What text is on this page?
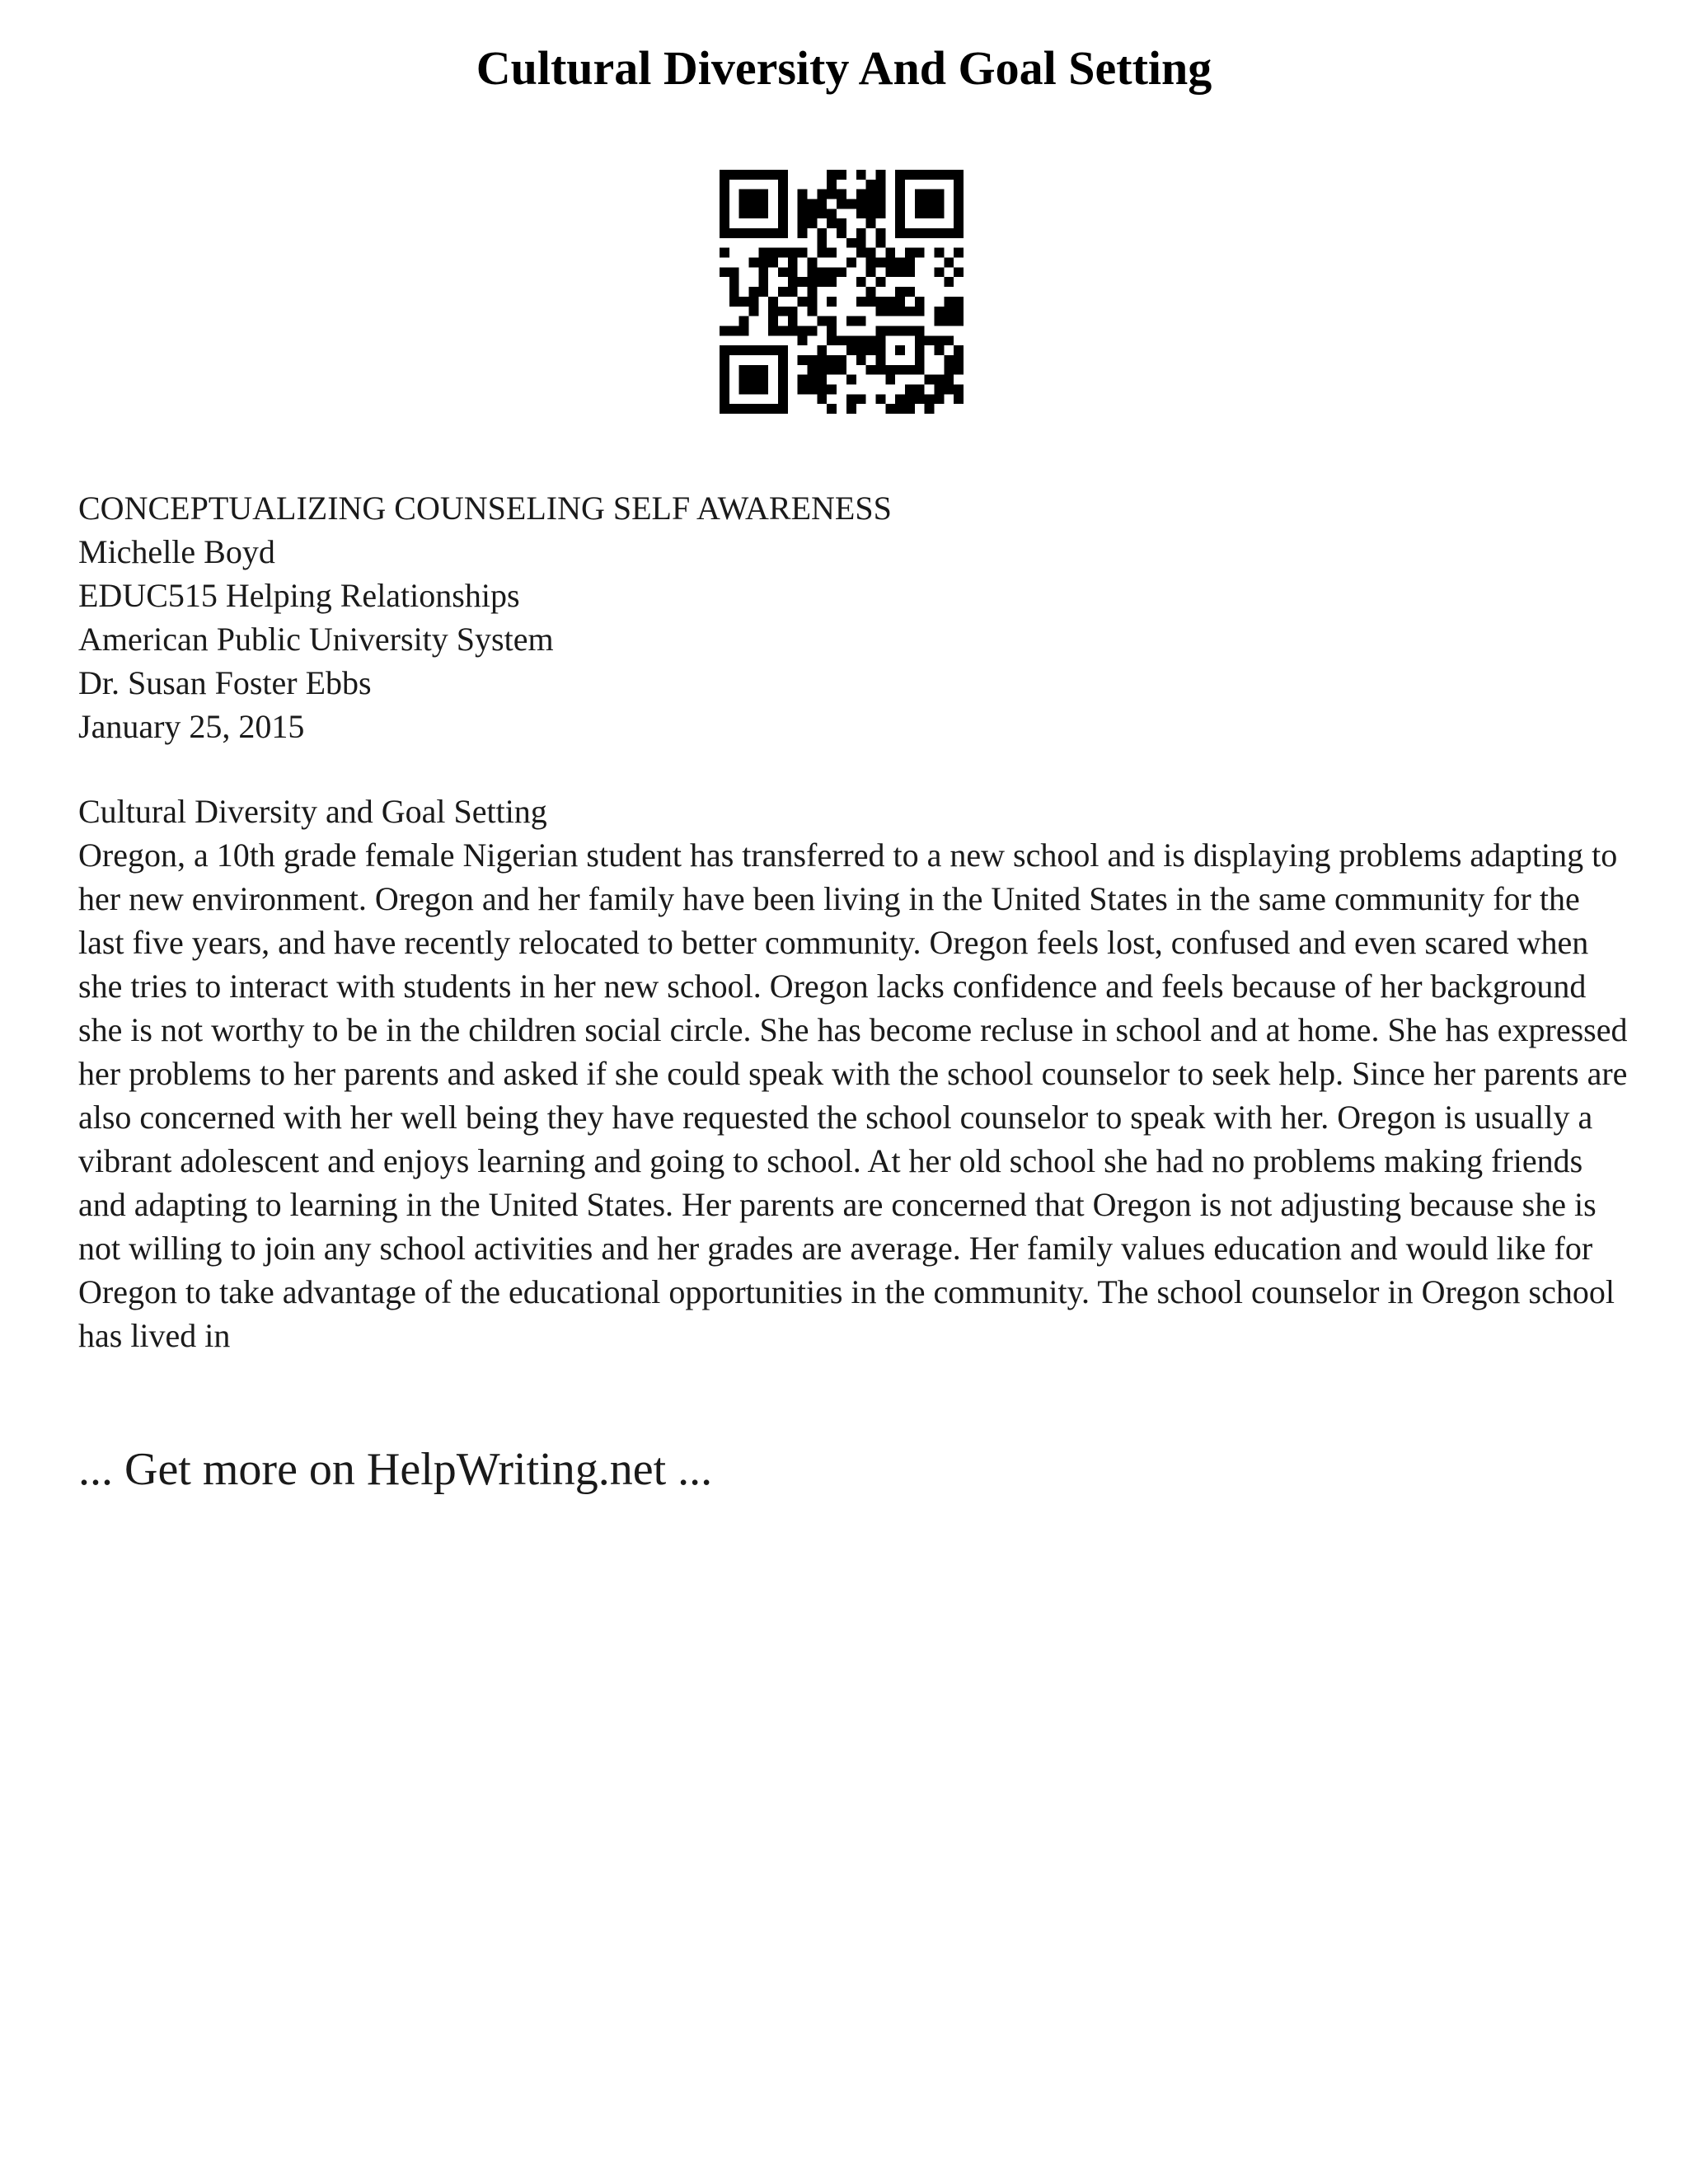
Cultural Diversity And Goal Setting
CONCEPTUALIZING COUNSELING SELF AWARENESS
Michelle Boyd
EDUC515 Helping Relationships
American Public University System
Dr. Susan Foster Ebbs
January 25, 2015
Cultural Diversity and Goal Setting

Oregon, a 10th grade female Nigerian student has transferred to a new school and is displaying problems adapting to her new environment. Oregon and her family have been living in the United States in the same community for the last five years, and have recently relocated to better community. Oregon feels lost, confused and even scared when she tries to interact with students in her new school. Oregon lacks confidence and feels because of her background she is not worthy to be in the children social circle. She has become recluse in school and at home. She has expressed her problems to her parents and asked if she could speak with the school counselor to seek help. Since her parents are also concerned with her well being they have requested the school counselor to speak with her. Oregon is usually a vibrant adolescent and enjoys learning and going to school. At her old school she had no problems making friends and adapting to learning in the United States. Her parents are concerned that Oregon is not adjusting because she is not willing to join any school activities and her grades are average. Her family values education and would like for Oregon to take advantage of the educational opportunities in the community. The school counselor in Oregon school has lived in

... Get more on HelpWriting.net ...
